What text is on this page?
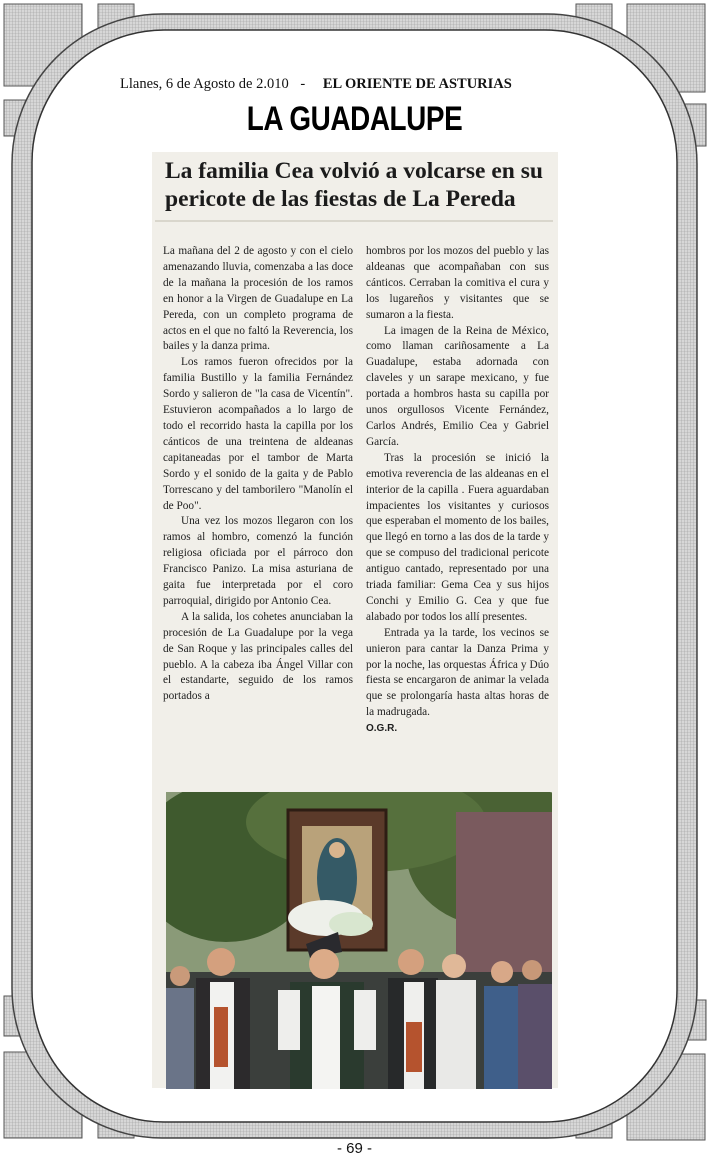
Llanes, 6 de Agosto de 2.010 - EL ORIENTE DE ASTURIAS
LA GUADALUPE
La familia Cea volvió a volcarse en su pericote de las fiestas de La Pereda

La mañana del 2 de agosto y con el cielo amenazando lluvia, comenzaba a las doce de la mañana la procesión de los ramos en honor a la Virgen de Guadalupe en La Pereda, con un completo programa de actos en el que no faltó la Reverencia, los bailes y la danza prima.

Los ramos fueron ofrecidos por la familia Bustillo y la familia Fernández Sordo y salieron de "la casa de Vicentín". Estuvieron acompañados a lo largo de todo el recorrido hasta la capilla por los cánticos de una treintena de aldeanas capitaneadas por el tambor de Marta Sordo y el sonido de la gaita y de Pablo Torrescano y del tamborilero "Manolín el de Poo".

Una vez los mozos llegaron con los ramos al hombro, comenzó la función religiosa oficiada por el párroco don Francisco Panizo. La misa asturiana de gaita fue interpretada por el coro parroquial, dirigido por Antonio Cea.

A la salida, los cohetes anunciaban la procesión de La Guadalupe por la vega de San Roque y las principales calles del pueblo. A la cabeza iba Ángel Villar con el estandarte, seguido de los ramos portados a

hombros por los mozos del pueblo y las aldeanas que acompañaban con sus cánticos. Cerraban la comitiva el cura y los lugareños y visitantes que se sumaron a la fiesta.

La imagen de la Reina de México, como llaman cariñosamente a La Guadalupe, estaba adornada con claveles y un sarape mexicano, y fue portada a hombros hasta su capilla por unos orgullosos Vicente Fernández, Carlos Andrés, Emilio Cea y Gabriel García.

Tras la procesión se inició la emotiva reverencia de las aldeanas en el interior de la capilla . Fuera aguardaban impacientes los visitantes y curiosos que esperaban el momento de los bailes, que llegó en torno a las dos de la tarde y que se compuso del tradicional pericote antiguo cantado, representado por una triada familiar: Gema Cea y sus hijos Conchi y Emilio G. Cea y que fue alabado por todos los allí presentes.

Entrada ya la tarde, los vecinos se unieron para cantar la Danza Prima y por la noche, las orquestas África y Dúo fiesta se encargaron de animar la velada que se prolongaría hasta altas horas de la madrugada.

O.G.R.

- 69 -
